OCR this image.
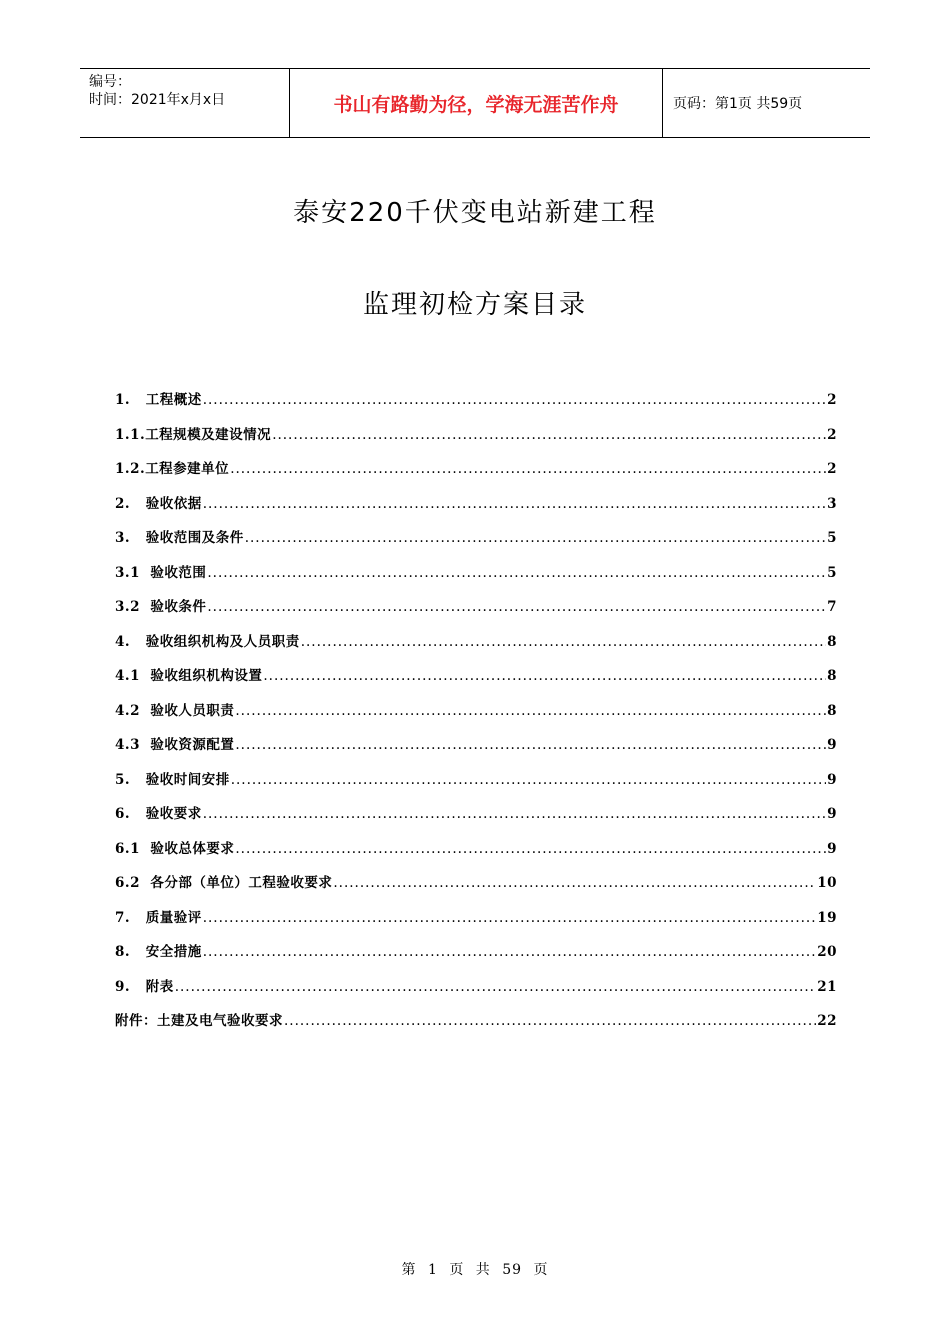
编号：
时间：2021年x月x日	书山有路勤为径，学海无涯苦作舟	页码：第1页 共59页
泰安220千伏变电站新建工程
监理初检方案目录
1. 工程概述 .....	2
1.1. 工程规模及建设情况 .....	2
1.2. 工程参建单位 .....	2
2. 验收依据 .....	3
3. 验收范围及条件 .....	5
3.1 验收范围 .....	5
3.2 验收条件 .....	7
4. 验收组织机构及人员职责 .....	8
4.1 验收组织机构设置 .....	8
4.2 验收人员职责 .....	8
4.3 验收资源配置 .....	9
5. 验收时间安排 .....	9
6. 验收要求 .....	9
6.1 验收总体要求 .....	9
6.2 各分部（单位）工程验收要求 .....	10
7. 质量验评 .....	19
8. 安全措施 .....	20
9. 附表 .....	21
附件：土建及电气验收要求 .....	22
第 1 页 共 59 页
